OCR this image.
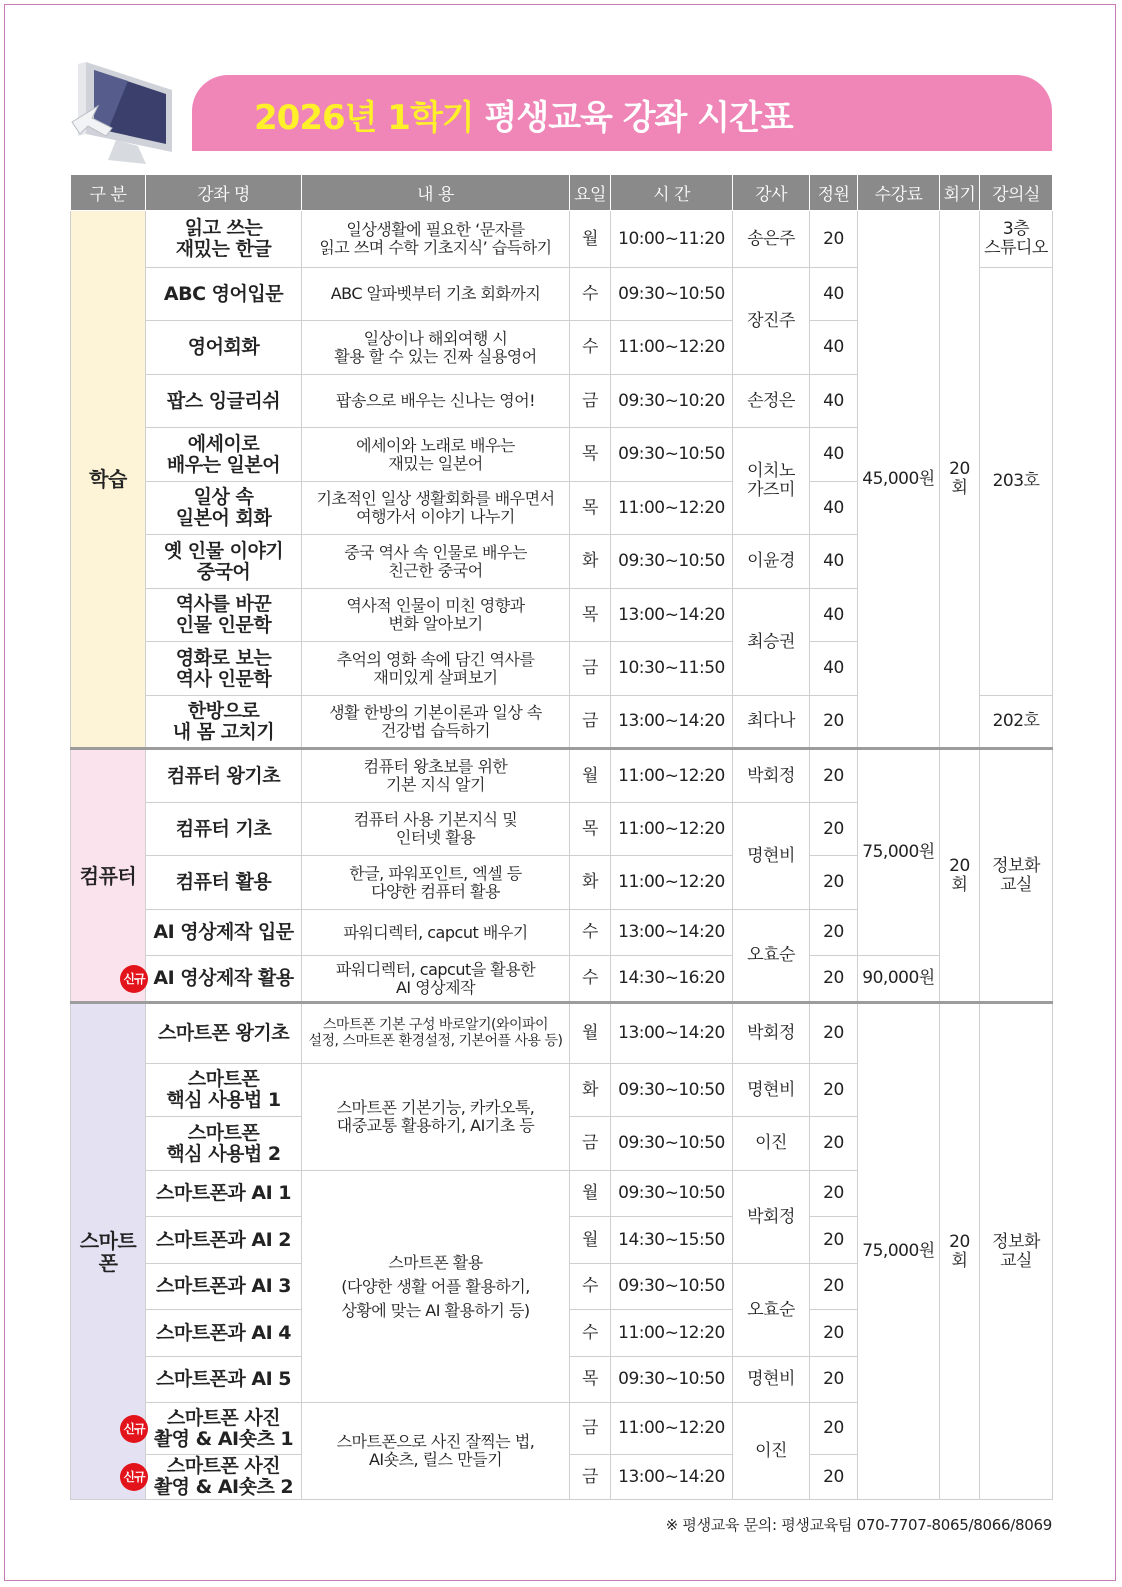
2026년 1학기 평생교육 강좌 시간표
구 분	강좌 명	내 용	요일	시 간	강사	정원	수강료	회기	강의실
학습	읽고 쓰는
재밌는 한글	일상생활에 필요한 ‘문자를
읽고 쓰며 수학 기초지식’ 습득하기	월	10:00~11:20	송은주	20	45,000원	20회	3층
스튜디오

	ABC 영어입문	ABC 알파벳부터 기초 회화까지	수	09:30~10:50	장진주	40			203호
	영어회화	일상이나 해외여행 시
활용 할 수 있는 진짜 실용영어	수	11:00~12:20		40			
	팝스 잉글리쉬	팝송으로 배우는 신나는 영어!	금	09:30~10:20	손정은	40			

	에세이로
배우는 일본어	에세이와 노래로 배우는
재밌는 일본어	목	09:30~10:50	이치노
가즈미	40			

	일상 속
일본어 회화	기초적인 일상 생활회화를 배우면서
여행가서 이야기 나누기	목	11:00~12:20		40			

	옛 인물 이야기
중국어	중국 역사 속 인물로 배우는
친근한 중국어	화	09:30~10:50	이윤경	40			

	역사를 바꾼
인물 인문학	역사적 인물이 미친 영향과
변화 알아보기	목	13:00~14:20	최승권	40			

	영화로 보는
역사 인문학	추억의 영화 속에 담긴 역사를
재미있게 살펴보기	금	10:30~11:50		40			

	한방으로
내 몸 고치기	생활 한방의 기본이론과 일상 속
건강법 습득하기	금	13:00~14:20	최다나	20			202호
컴퓨터	컴퓨터 왕기초	컴퓨터 왕초보를 위한
기본 지식 알기	월	11:00~12:20	박회정	20	75,000원	20회	정보화
교실

	컴퓨터 기초	컴퓨터 사용 기본지식 및
인터넷 활용	목	11:00~12:20	명현비	20			
	컴퓨터 활용	한글, 파워포인트, 엑셀 등
다양한 컴퓨터 활용	화	11:00~12:20		20			
	AI 영상제작 입문	파워디렉터, capcut 배우기	수	13:00~14:20	오효순	20			

	신규 AI 영상제작 활용	파워디렉터, capcut을 활용한
AI 영상제작	수	14:30~16:20		20	90,000원		

스마트
폰	스마트폰 왕기초	스마트폰 기본 구성 바로알기(와이파이
설정, 스마트폰 환경설정, 기본어플 사용 등)	월	13:00~14:20	박회정	20	75,000원	20회	정보화
교실

	스마트폰
핵심 사용법 1	스마트폰 기본기능, 카카오톡,
대중교통 활용하기, AI기초 등	화	09:30~10:50	명현비	20			

	스마트폰
핵심 사용법 2		금	09:30~10:50	이진	20			
	스마트폰과 AI 1	스마트폰 활용
(다양한 생활 어플 활용하기,
상황에 맞는 AI 활용하기 등)	월	09:30~10:50	박회정	20			
	스마트폰과 AI 2		월	14:30~15:50		20			
	스마트폰과 AI 3		수	09:30~10:50	오효순	20			
	스마트폰과 AI 4		수	11:00~12:20		20			
	스마트폰과 AI 5		목	09:30~10:50	명현비	20			

	신규 스마트폰 사진
촬영 & AI숏츠 1	스마트폰으로 사진 잘찍는 법,
AI숏츠, 릴스 만들기	금	11:00~12:20	이진	20			

	신규 스마트폰 사진
촬영 & AI숏츠 2		금	13:00~14:20		20			
※ 평생교육 문의: 평생교육팀 070-7707-8065/8066/8069
